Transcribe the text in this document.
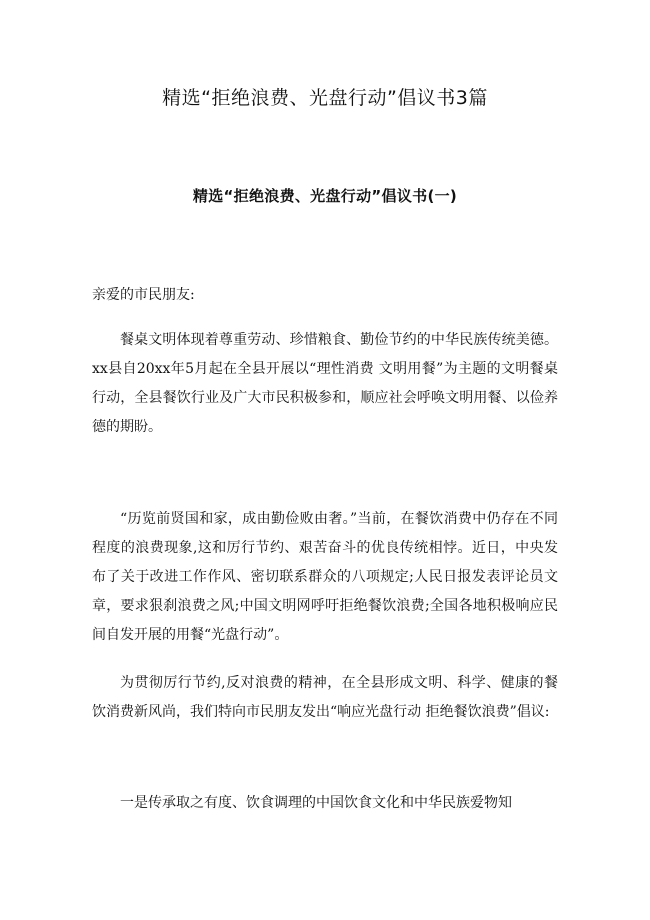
精选“拒绝浪费、光盘行动”倡议书3篇
精选“拒绝浪费、光盘行动”倡议书(一)
亲爱的市民朋友:
餐桌文明体现着尊重劳动、珍惜粮食、勤俭节约的中华民族传统美德。xx县自20xx年5月起在全县开展以“理性消费 文明用餐”为主题的文明餐桌行动，全县餐饮行业及广大市民积极参和，顺应社会呼唤文明用餐、以俭养德的期盼。
“历览前贤国和家，成由勤俭败由奢。”当前，在餐饮消费中仍存在不同程度的浪费现象,这和厉行节约、艰苦奋斗的优良传统相悖。近日，中央发布了关于改进工作作风、密切联系群众的八项规定;人民日报发表评论员文章，要求狠刹浪费之风;中国文明网呼吁拒绝餐饮浪费;全国各地积极响应民间自发开展的用餐“光盘行动”。
为贯彻厉行节约,反对浪费的精神，在全县形成文明、科学、健康的餐饮消费新风尚，我们特向市民朋友发出“响应光盘行动 拒绝餐饮浪费”倡议:
一是传承取之有度、饮食调理的中国饮食文化和中华民族爱物知
